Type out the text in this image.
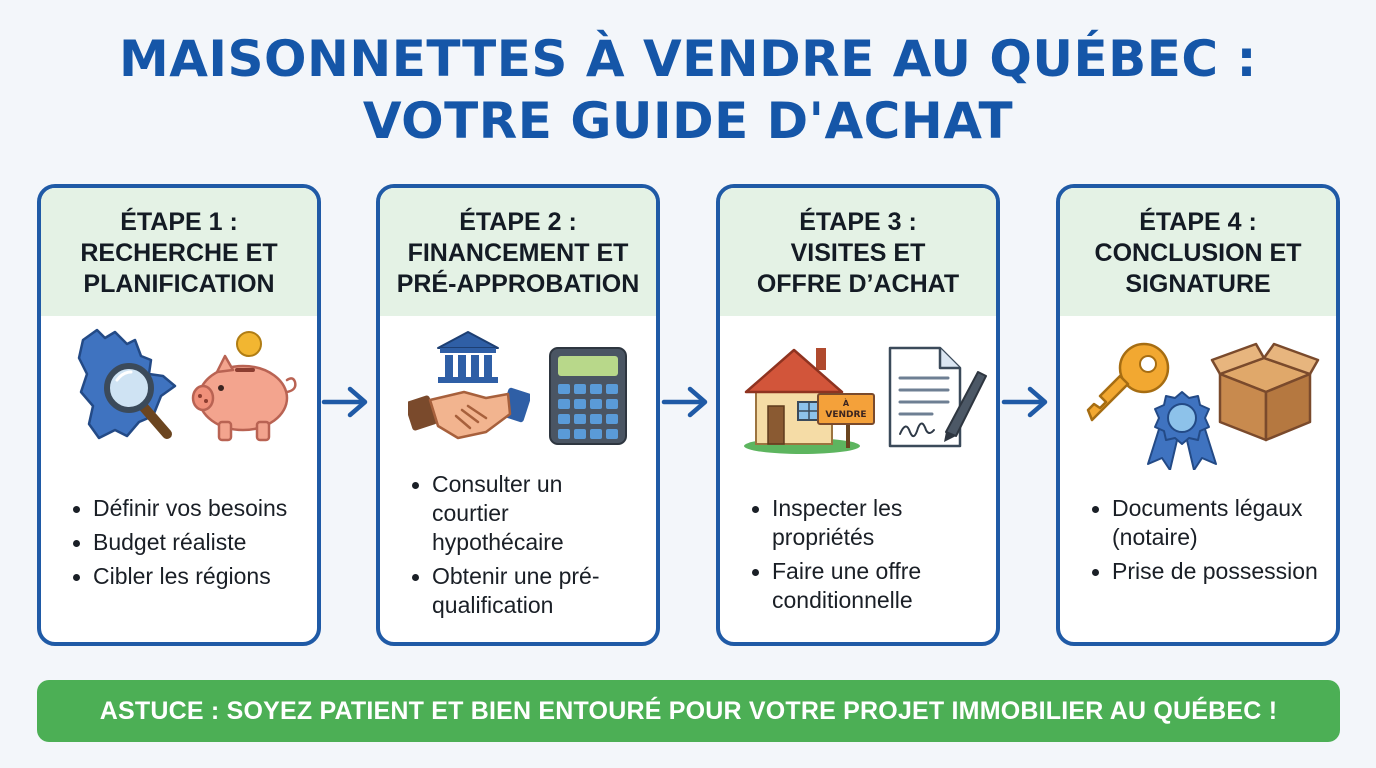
MAISONNETTES À VENDRE AU QUÉBEC :
VOTRE GUIDE D'ACHAT
ÉTAPE 1 :
RECHERCHE ET
PLANIFICATION
Définir vos besoins
Budget réaliste
Cibler les régions
ÉTAPE 2 :
FINANCEMENT ET
PRÉ-APPROBATION
Consulter un courtier hypothécaire
Obtenir une pré-qualification
ÉTAPE 3 :
VISITES ET
OFFRE D’ACHAT
À
VENDRE
Inspecter les propriétés
Faire une offre conditionnelle
ÉTAPE 4 :
CONCLUSION ET
SIGNATURE
Documents légaux (notaire)
Prise de possession
ASTUCE : SOYEZ PATIENT ET BIEN ENTOURÉ POUR VOTRE PROJET IMMOBILIER AU QUÉBEC !
